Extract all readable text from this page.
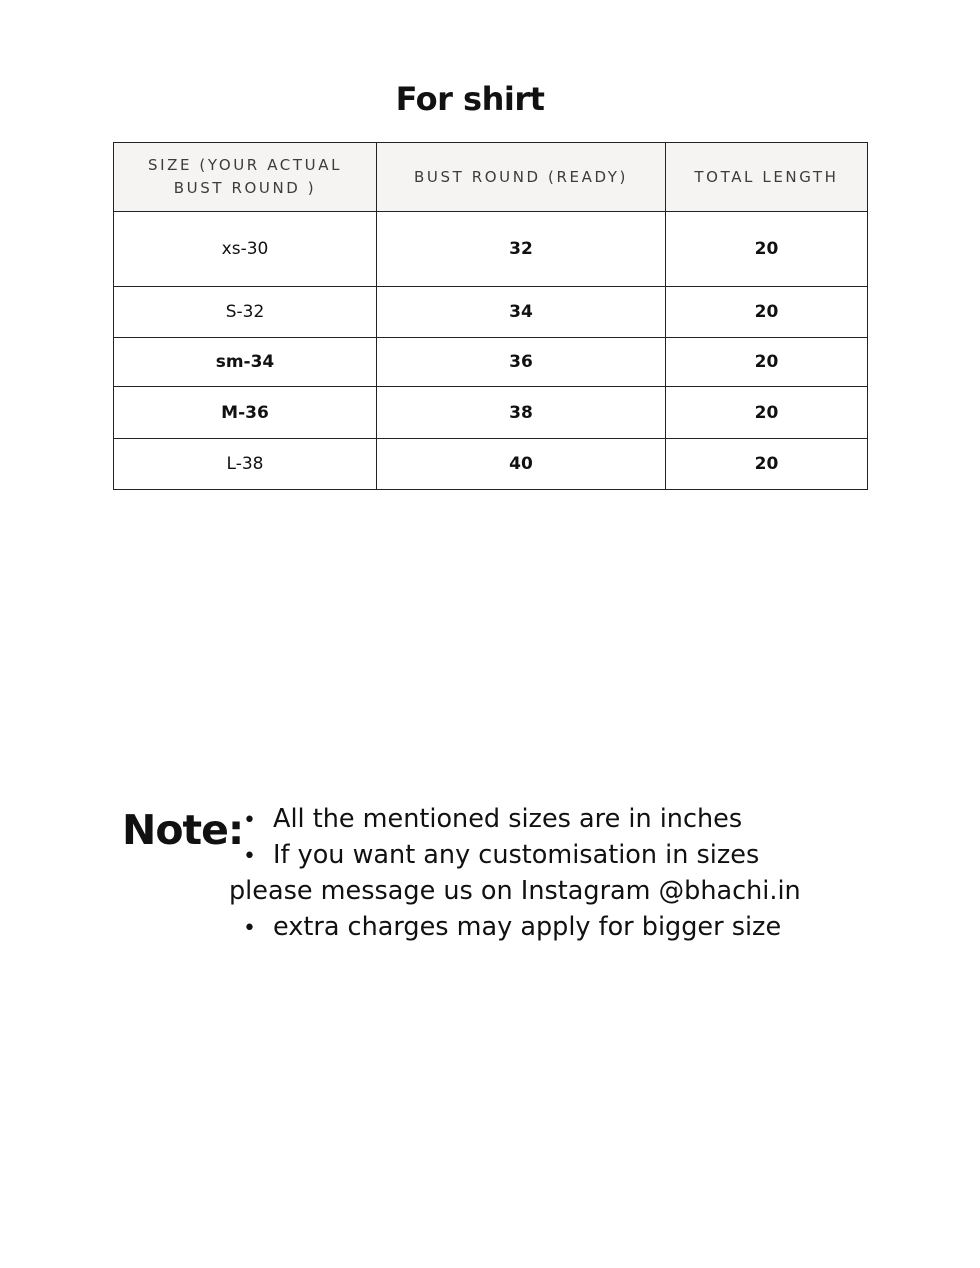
For shirt
SIZE (YOUR ACTUAL
BUST ROUND )	BUST ROUND (READY)	TOTAL LENGTH
xs-30	32	20
S-32	34	20
sm-34	36	20
M-36	38	20
L-38	40	20
Note: • All the mentioned sizes are in inches
• If you want any customisation in sizes
please message us on Instagram @bhachi.in
• extra charges may apply for bigger size
